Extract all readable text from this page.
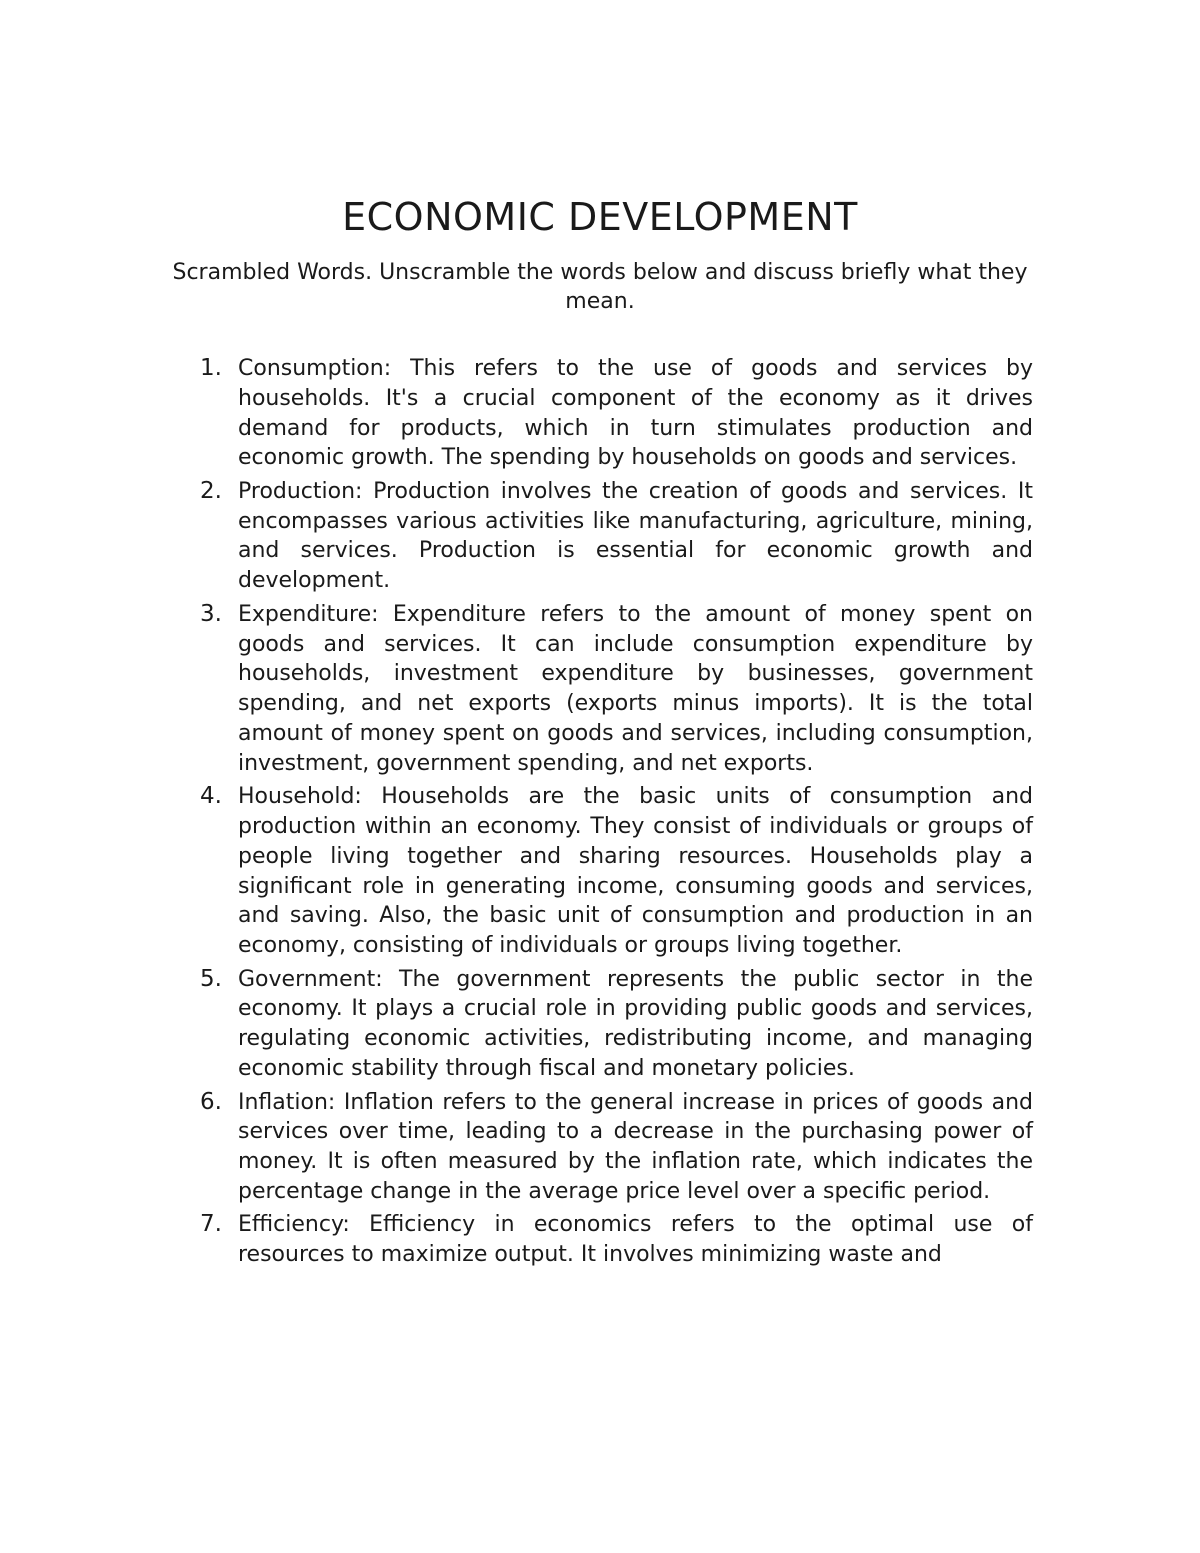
ECONOMIC DEVELOPMENT

Scrambled Words. Unscramble the words below and discuss briefly what they mean.

1. Consumption: This refers to the use of goods and services by households. It's a crucial component of the economy as it drives demand for products, which in turn stimulates production and economic growth. The spending by households on goods and services.
2. Production: Production involves the creation of goods and services. It encompasses various activities like manufacturing, agriculture, mining, and services. Production is essential for economic growth and development.
3. Expenditure: Expenditure refers to the amount of money spent on goods and services. It can include consumption expenditure by households, investment expenditure by businesses, government spending, and net exports (exports minus imports). It is the total amount of money spent on goods and services, including consumption, investment, government spending, and net exports.
4. Household: Households are the basic units of consumption and production within an economy. They consist of individuals or groups of people living together and sharing resources. Households play a significant role in generating income, consuming goods and services, and saving. Also, the basic unit of consumption and production in an economy, consisting of individuals or groups living together.
5. Government: The government represents the public sector in the economy. It plays a crucial role in providing public goods and services, regulating economic activities, redistributing income, and managing economic stability through fiscal and monetary policies.
6. Inflation: Inflation refers to the general increase in prices of goods and services over time, leading to a decrease in the purchasing power of money. It is often measured by the inflation rate, which indicates the percentage change in the average price level over a specific period.
7. Efficiency: Efficiency in economics refers to the optimal use of resources to maximize output. It involves minimizing waste and
